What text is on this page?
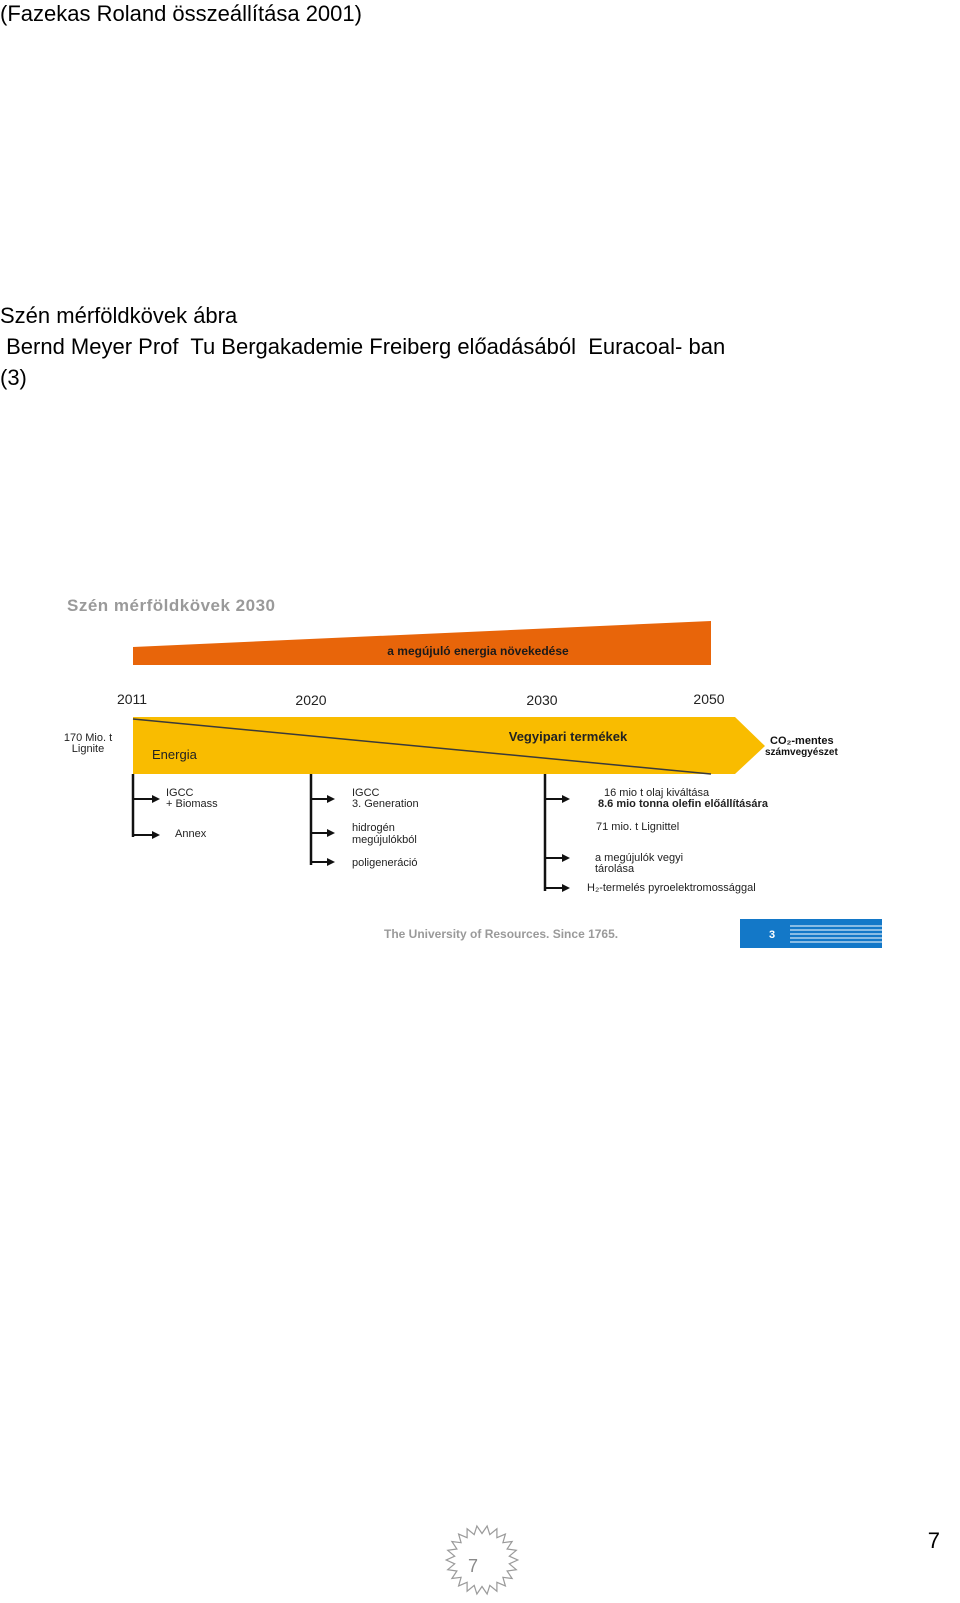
(Fazekas Roland összeállítása 2001)
Szén mérföldkövek ábra
Bernd Meyer Prof  Tu Bergakademie Freiberg előadásából  Euracoal- ban
(3)
Szén mérföldkövek 2030
a megújuló energia növekedése
2011	2020	2030	2050
170 Mio. t
Lignite	Energia
Vegyipari termékek	CO₂-mentes
számvegyészet
IGCC
+ Biomass
Annex
IGCC
3. Generation
hidrogén
megújulókból
poligeneráció
16 mio t olaj kiváltása
8.6 mio tonna olefin előállítására
71 mio. t Lignittel
a megújulók vegyi
tárolása
H₂-termelés pyroelektromossággal
The University of Resources. Since 1765.	3
7
7
